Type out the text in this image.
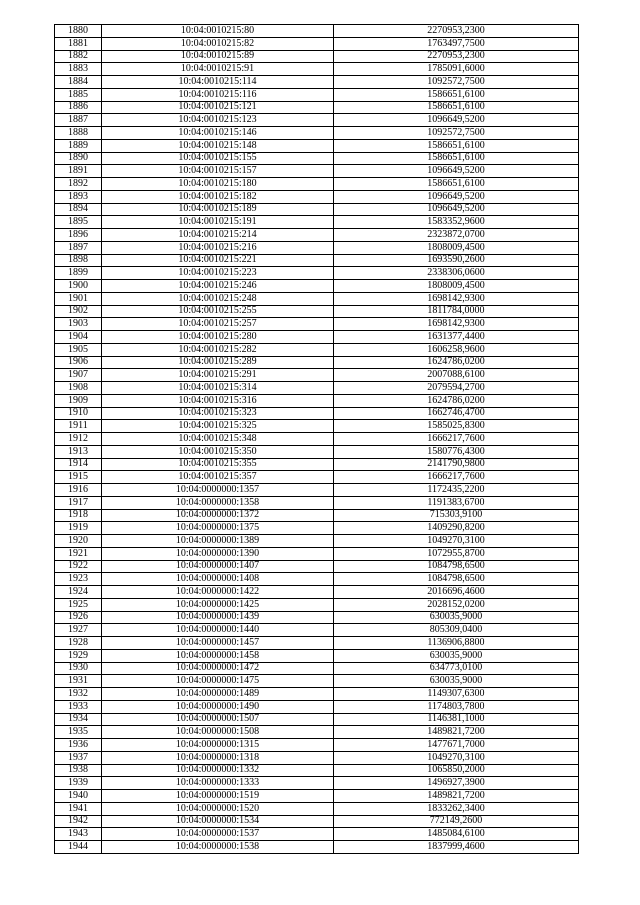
1880	10:04:0010215:80	2270953,2300
1881	10:04:0010215:82	1763497,7500
1882	10:04:0010215:89	2270953,2300
1883	10:04:0010215:91	1785091,6000
1884	10:04:0010215:114	1092572,7500
1885	10:04:0010215:116	1586651,6100
1886	10:04:0010215:121	1586651,6100
1887	10:04:0010215:123	1096649,5200
1888	10:04:0010215:146	1092572,7500
1889	10:04:0010215:148	1586651,6100
1890	10:04:0010215:155	1586651,6100
1891	10:04:0010215:157	1096649,5200
1892	10:04:0010215:180	1586651,6100
1893	10:04:0010215:182	1096649,5200
1894	10:04:0010215:189	1096649,5200
1895	10:04:0010215:191	1583352,9600
1896	10:04:0010215:214	2323872,0700
1897	10:04:0010215:216	1808009,4500
1898	10:04:0010215:221	1693590,2600
1899	10:04:0010215:223	2338306,0600
1900	10:04:0010215:246	1808009,4500
1901	10:04:0010215:248	1698142,9300
1902	10:04:0010215:255	1811784,0000
1903	10:04:0010215:257	1698142,9300
1904	10:04:0010215:280	1631377,4400
1905	10:04:0010215:282	1606258,9600
1906	10:04:0010215:289	1624786,0200
1907	10:04:0010215:291	2007088,6100
1908	10:04:0010215:314	2079594,2700
1909	10:04:0010215:316	1624786,0200
1910	10:04:0010215:323	1662746,4700
1911	10:04:0010215:325	1585025,8300
1912	10:04:0010215:348	1666217,7600
1913	10:04:0010215:350	1580776,4300
1914	10:04:0010215:355	2141790,9800
1915	10:04:0010215:357	1666217,7600
1916	10:04:0000000:1357	1172435,2200
1917	10:04:0000000:1358	1191383,6700
1918	10:04:0000000:1372	715303,9100
1919	10:04:0000000:1375	1409290,8200
1920	10:04:0000000:1389	1049270,3100
1921	10:04:0000000:1390	1072955,8700
1922	10:04:0000000:1407	1084798,6500
1923	10:04:0000000:1408	1084798,6500
1924	10:04:0000000:1422	2016696,4600
1925	10:04:0000000:1425	2028152,0200
1926	10:04:0000000:1439	630035,9000
1927	10:04:0000000:1440	805309,0400
1928	10:04:0000000:1457	1136906,8800
1929	10:04:0000000:1458	630035,9000
1930	10:04:0000000:1472	634773,0100
1931	10:04:0000000:1475	630035,9000
1932	10:04:0000000:1489	1149307,6300
1933	10:04:0000000:1490	1174803,7800
1934	10:04:0000000:1507	1146381,1000
1935	10:04:0000000:1508	1489821,7200
1936	10:04:0000000:1315	1477671,7000
1937	10:04:0000000:1318	1049270,3100
1938	10:04:0000000:1332	1065850,2000
1939	10:04:0000000:1333	1496927,3900
1940	10:04:0000000:1519	1489821,7200
1941	10:04:0000000:1520	1833262,3400
1942	10:04:0000000:1534	772149,2600
1943	10:04:0000000:1537	1485084,6100
1944	10:04:0000000:1538	1837999,4600
